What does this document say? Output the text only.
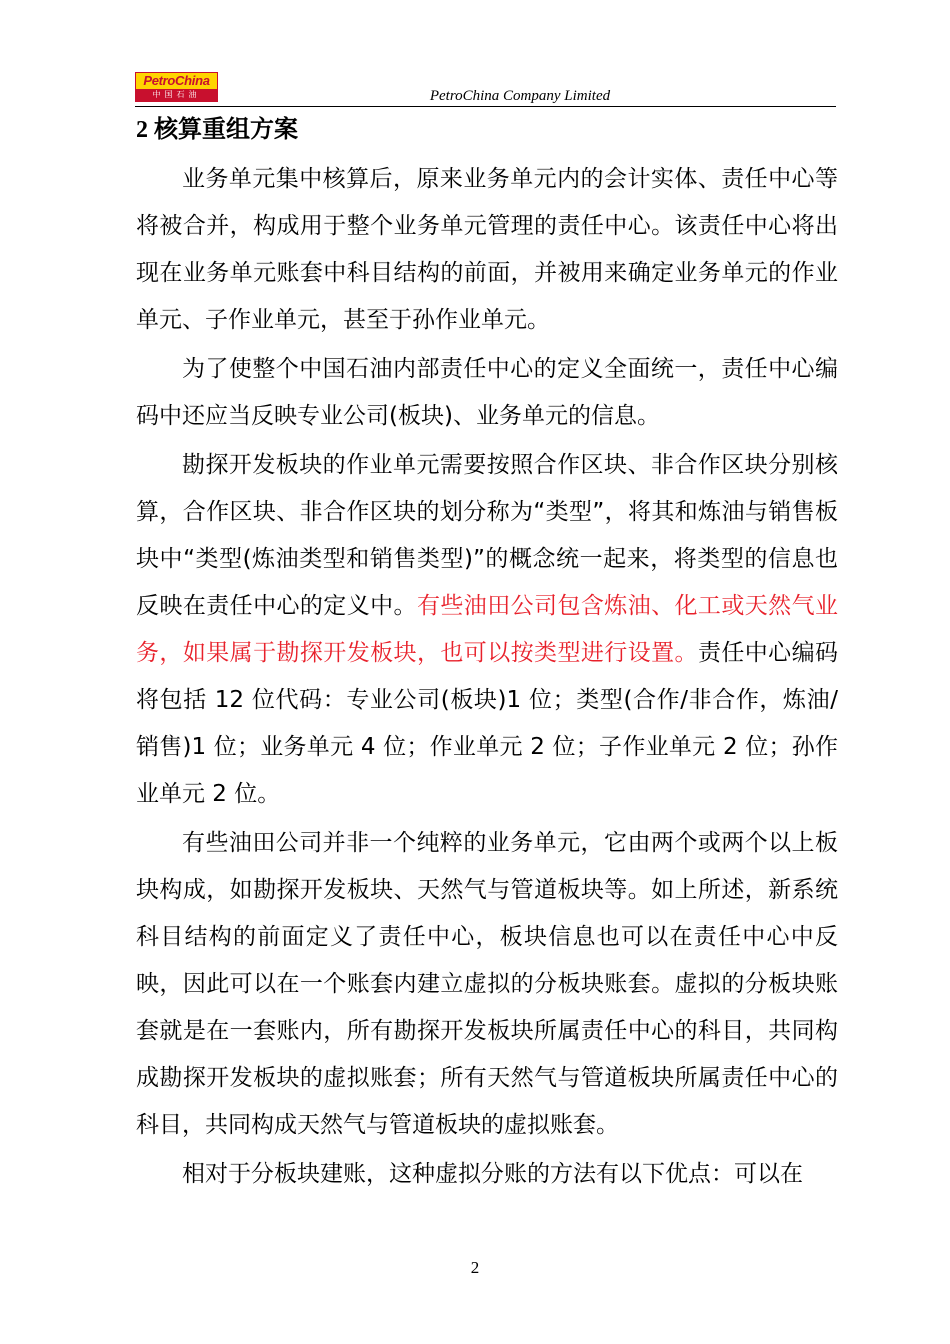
PetroChina
中国石油	PetroChina Company Limited
2 核算重组方案

业务单元集中核算后，原来业务单元内的会计实体、责任中心等将被合并，构成用于整个业务单元管理的责任中心。该责任中心将出现在业务单元账套中科目结构的前面，并被用来确定业务单元的作业单元、子作业单元，甚至于孙作业单元。

为了使整个中国石油内部责任中心的定义全面统一，责任中心编码中还应当反映专业公司(板块)、业务单元的信息。

勘探开发板块的作业单元需要按照合作区块、非合作区块分别核算，合作区块、非合作区块的划分称为“类型”，将其和炼油与销售板块中“类型(炼油类型和销售类型)”的概念统一起来，将类型的信息也反映在责任中心的定义中。有些油田公司包含炼油、化工或天然气业务，如果属于勘探开发板块，也可以按类型进行设置。责任中心编码将包括 12 位代码：专业公司(板块)1 位；类型(合作/非合作，炼油/销售)1 位；业务单元 4 位；作业单元 2 位；子作业单元 2 位；孙作业单元 2 位。

有些油田公司并非一个纯粹的业务单元，它由两个或两个以上板块构成，如勘探开发板块、天然气与管道板块等。如上所述，新系统科目结构的前面定义了责任中心，板块信息也可以在责任中心中反映，因此可以在一个账套内建立虚拟的分板块账套。虚拟的分板块账套就是在一套账内，所有勘探开发板块所属责任中心的科目，共同构成勘探开发板块的虚拟账套；所有天然气与管道板块所属责任中心的科目，共同构成天然气与管道板块的虚拟账套。

相对于分板块建账，这种虚拟分账的方法有以下优点：可以在

2
